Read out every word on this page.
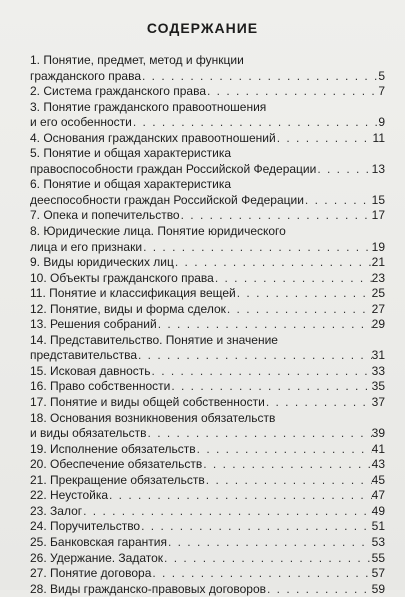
СОДЕРЖАНИЕ
1. Понятие, предмет, метод и функции
гражданского права . . .	5
2. Система гражданского права . . .	7
3. Понятие гражданского правоотношения
и его особенности . . .	9
4. Основания гражданских правоотношений . . .	11
5. Понятие и общая характеристика
правоспособности граждан Российской Федерации . . .	13
6. Понятие и общая характеристика
дееспособности граждан Российской Федерации . . .	15
7. Опека и попечительство . . .	17
8. Юридические лица. Понятие юридического
лица и его признаки . . .	19
9. Виды юридических лиц . . .	21
10. Объекты гражданского права . . .	23
11. Понятие и классификация вещей . . .	25
12. Понятие, виды и форма сделок . . .	27
13. Решения собраний . . .	29
14. Представительство. Понятие и значение
представительства . . .	31
15. Исковая давность . . .	33
16. Право собственности . . .	35
17. Понятие и виды общей собственности . . .	37
18. Основания возникновения обязательств
и виды обязательств . . .	39
19. Исполнение обязательств . . .	41
20. Обеспечение обязательств . . .	43
21. Прекращение обязательств . . .	45
22. Неустойка . . .	47
23. Залог . . .	49
24. Поручительство . . .	51
25. Банковская гарантия . . .	53
26. Удержание. Задаток . . .	55
27. Понятие договора . . .	57
28. Виды гражданско-правовых договоров . . .	59
